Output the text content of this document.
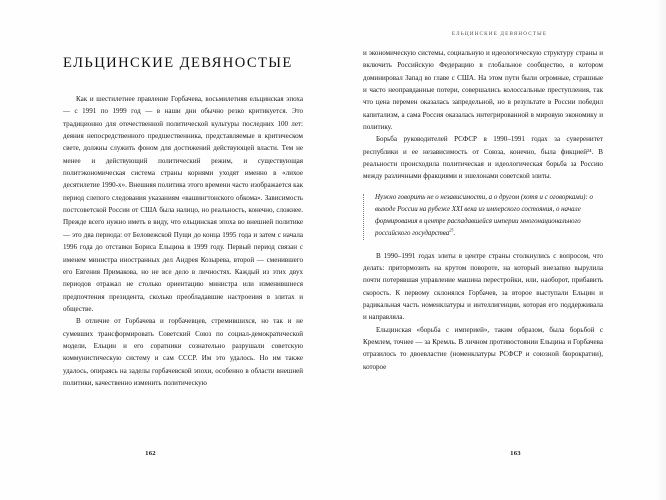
ЕЛЬЦИНСКИЕ ДЕВЯНОСТЫЕ

Как и шестилетнее правление Горбачева, восьмилетняя ельцинская эпоха — с 1991 по 1999 год — в наши дни обычно резко критикуется. Это традиционно для отечественной политической культуры последних 100 лет: деяния непосредственного предшественника, представляемые в критическом свете, должны служить фоном для достижений действующей власти. Тем не менее и действующий политический режим, и существующая политэкономическая система страны корнями уходят именно в «лихое десятилетие 1990-х». Внешняя политика этого времени часто изображается как период слепого следования указаниям «вашингтонского обкома». Зависимость постсоветской России от США была налицо, но реальность, конечно, сложнее. Прежде всего нужно иметь в виду, что ельцинская эпоха во внешней политике — это два периода: от Беловежской Пущи до конца 1995 года и затем с начала 1996 года до отставки Бориса Ельцина в 1999 году. Первый период связан с именем министра иностранных дел Андрея Козырева, второй — сменившего его Евгения Примакова, но не все дело в личностях. Каждый из этих двух периодов отражал не столько ориентацию министра или изменившиеся предпочтения президента, сколько преобладавшие настроения в элитах и обществе.

В отличие от Горбачева и горбачевцев, стремившихся, но так и не сумевших трансформировать Советский Союз по социал-демократической модели, Ельцин и его соратники сознательно разрушали советскую коммунистическую систему и сам СССР. Им это удалось. Но им также удалось, опираясь на заделы горбачевской эпохи, особенно в области внешней политики, качественно изменить политическую

162
ЕЛЬЦИНСКИЕ ДЕВЯНОСТЫЕ

и экономическую системы, социальную и идеологическую структуру страны и включить Российскую Федерацию в глобальное сообщество, в котором доминировал Запад во главе с США. На этом пути были огромные, страшные и часто неоправданные потери, совершались колоссальные преступления, так что цена перемен оказалась запредельной, но в результате в России победил капитализм, а сама Россия оказалась интегрированной в мировую экономику и политику.

Борьба руководителей РСФСР в 1990–1991 годах за суверенитет республики и ее независимость от Союза, конечно, была фикцией²⁴. В реальности происходила политическая и идеологическая борьба за Россию между различными фракциями и эшелонами советской элиты.

Нужно говорить не о независимости, а о другом (хотя и с оговорками): о выходе России на рубеже XXI века из имперского состояния, о начале формирования в центре распадавшейся империи многонационального российского государства$^{25}$.

В 1990–1991 годах элиты в центре страны столкнулись с вопросом, что делать: притормозить на крутом повороте, на который внезапно вырулила почти потерявшая управление машина перестройки, или, наоборот, прибавить скорость. К первому склонялся Горбачев, за второе выступали Ельцин и радикальная часть номенклатуры и интеллигенции, которая его поддерживала и направляла.

Ельцинская «борьба с империей», таким образом, была борьбой с Кремлем, точнее — за Кремль. В личном противостоянии Ельцина и Горбачева отразилось то двоевластие (номенклатуры РСФСР и союзной бюрократии), которое

163
